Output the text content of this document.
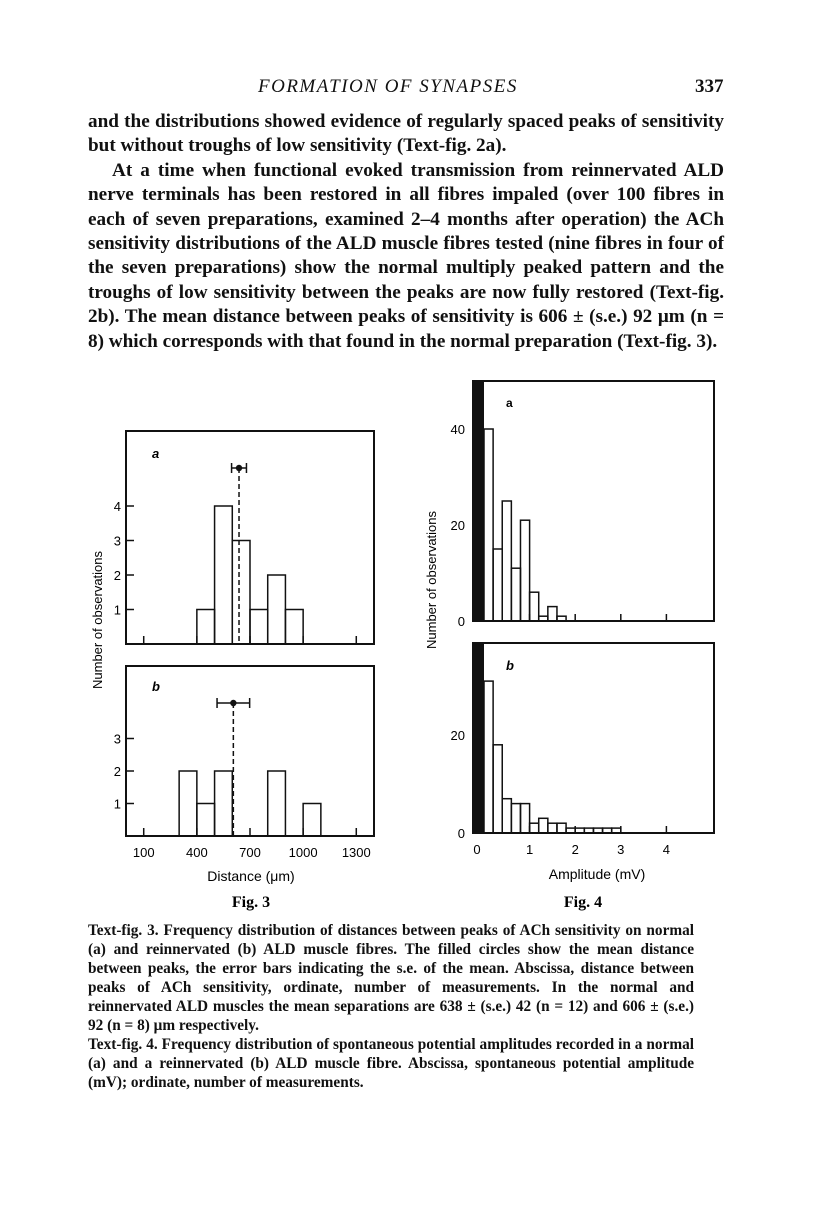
FORMATION OF SYNAPSES	337

and the distributions showed evidence of regularly spaced peaks of sensitivity but without troughs of low sensitivity (Text-fig. 2a).

At a time when functional evoked transmission from reinnervated ALD nerve terminals has been restored in all fibres impaled (over 100 fibres in each of seven preparations, examined 2–4 months after operation) the ACh sensitivity distributions of the ALD muscle fibres tested (nine fibres in four of the seven preparations) show the normal multiply peaked pattern and the troughs of low sensitivity between the peaks are now fully restored (Text-fig. 2b). The mean distance between peaks of sensitivity is 606 ± (s.e.) 92 μm (n = 8) which corresponds with that found in the normal preparation (Text-fig. 3).

a
1
2
3
4
b
1
2
3
100 400 700 1000 1300
Number of observations
Distance (μm)
Fig. 3
a
0
20
40
b
0
20
0	1	2	3	4
Number of observations
Amplitude (mV)
Fig. 4

Text-fig. 3. Frequency distribution of distances between peaks of ACh sensitivity on normal (a) and reinnervated (b) ALD muscle fibres. The filled circles show the mean distance between peaks, the error bars indicating the s.e. of the mean. Abscissa, distance between peaks of ACh sensitivity, ordinate, number of measurements. In the normal and reinnervated ALD muscles the mean separations are 638 ± (s.e.) 42 (n = 12) and 606 ± (s.e.) 92 (n = 8) μm respectively.

Text-fig. 4. Frequency distribution of spontaneous potential amplitudes recorded in a normal (a) and a reinnervated (b) ALD muscle fibre. Abscissa, spontaneous potential amplitude (mV); ordinate, number of measurements.
